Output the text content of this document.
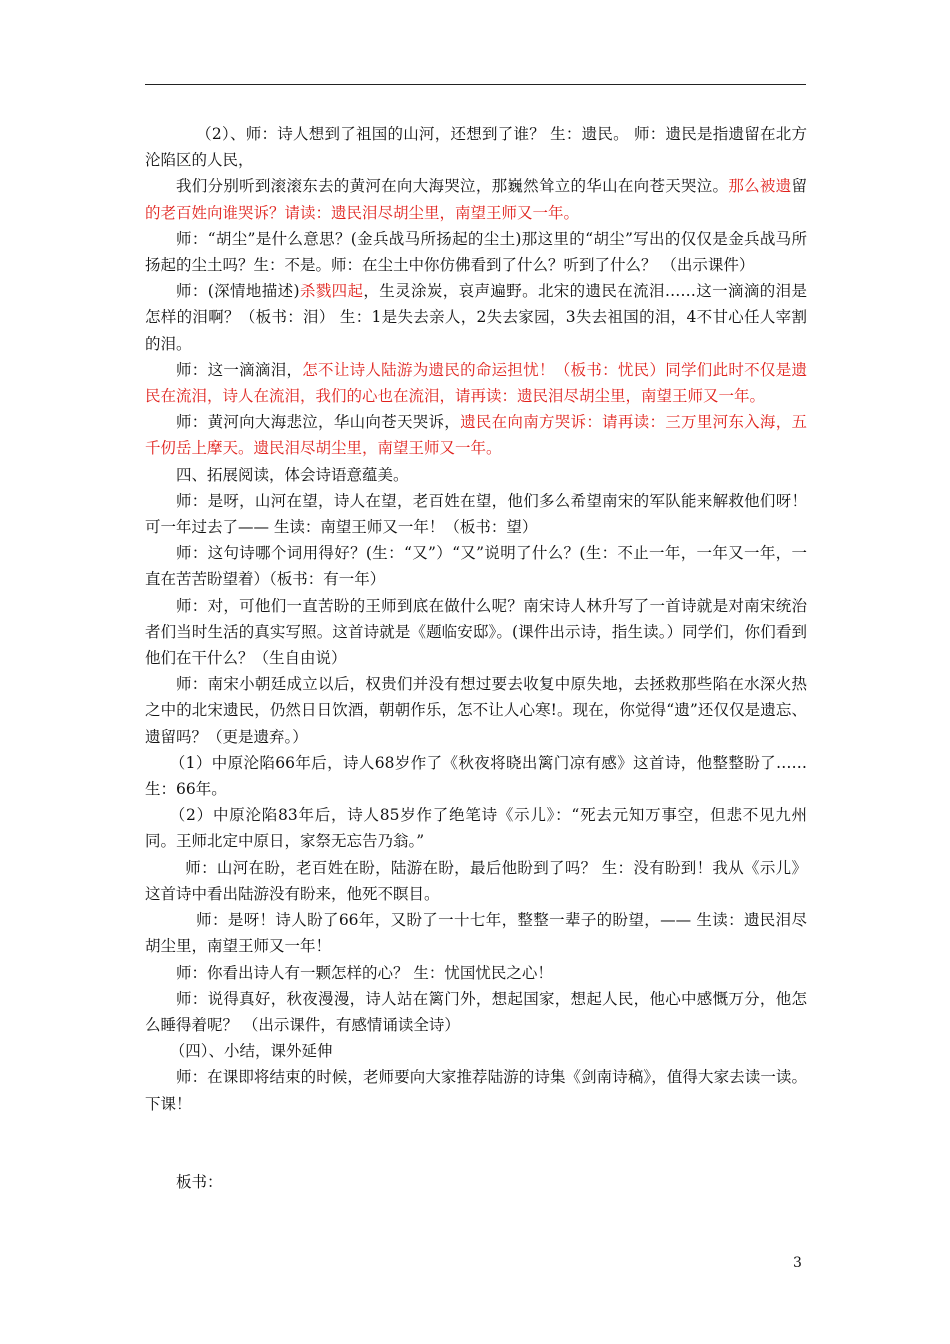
（2）、师：诗人想到了祖国的山河，还想到了谁？ 生：遗民。 师：遗民是指遗留在北方沦陷区的人民，

我们分别听到滚滚东去的黄河在向大海哭泣，那巍然耸立的华山在向苍天哭泣。那么被遗留的老百姓向谁哭诉？请读：遗民泪尽胡尘里，南望王师又一年。

师：“胡尘”是什么意思？(金兵战马所扬起的尘土)那这里的“胡尘”写出的仅仅是金兵战马所扬起的尘土吗？生：不是。师：在尘土中你仿佛看到了什么？听到了什么？ （出示课件）

师：(深情地描述)杀戮四起，生灵涂炭，哀声遍野。北宋的遗民在流泪……这一滴滴的泪是怎样的泪啊？（板书：泪） 生：1是失去亲人，2失去家园，3失去祖国的泪，4不甘心任人宰割的泪。

师：这一滴滴泪，怎不让诗人陆游为遗民的命运担忧！（板书：忧民）同学们此时不仅是遗民在流泪，诗人在流泪，我们的心也在流泪，请再读：遗民泪尽胡尘里，南望王师又一年。

师：黄河向大海悲泣，华山向苍天哭诉，遗民在向南方哭诉：请再读：三万里河东入海，五千仞岳上摩天。遗民泪尽胡尘里，南望王师又一年。

四、拓展阅读，体会诗语意蕴美。

师：是呀，山河在望，诗人在望，老百姓在望，他们多么希望南宋的军队能来解救他们呀！可一年过去了—— 生读：南望王师又一年！（板书：望）

师：这句诗哪个词用得好？(生：“又”）“又”说明了什么？(生：不止一年，一年又一年，一直在苦苦盼望着）（板书：有一年）

师：对，可他们一直苦盼的王师到底在做什么呢？南宋诗人林升写了一首诗就是对南宋统治者们当时生活的真实写照。这首诗就是《题临安邸》。(课件出示诗，指生读。）同学们，你们看到他们在干什么？（生自由说）

师：南宋小朝廷成立以后，权贵们并没有想过要去收复中原失地，去拯救那些陷在水深火热之中的北宋遗民，仍然日日饮酒，朝朝作乐，怎不让人心寒!。现在，你觉得“遗”还仅仅是遗忘、遗留吗？（更是遗弃。）

（1）中原沦陷66年后，诗人68岁作了《秋夜将晓出篱门凉有感》这首诗，他整整盼了……生：66年。

（2）中原沦陷83年后，诗人85岁作了绝笔诗《示儿》：“死去元知万事空，但悲不见九州同。王师北定中原日，家祭无忘告乃翁。”

师：山河在盼，老百姓在盼，陆游在盼，最后他盼到了吗？ 生：没有盼到！我从《示儿》这首诗中看出陆游没有盼来，他死不瞑目。

师：是呀！诗人盼了66年，又盼了一十七年，整整一辈子的盼望，—— 生读：遗民泪尽胡尘里，南望王师又一年！

师：你看出诗人有一颗怎样的心？ 生：忧国忧民之心！

师：说得真好，秋夜漫漫，诗人站在篱门外，想起国家，想起人民，他心中感慨万分，他怎么睡得着呢？ （出示课件，有感情诵读全诗）

（四）、小结，课外延伸

师：在课即将结束的时候，老师要向大家推荐陆游的诗集《剑南诗稿》，值得大家去读一读。下课！

板书：

3
